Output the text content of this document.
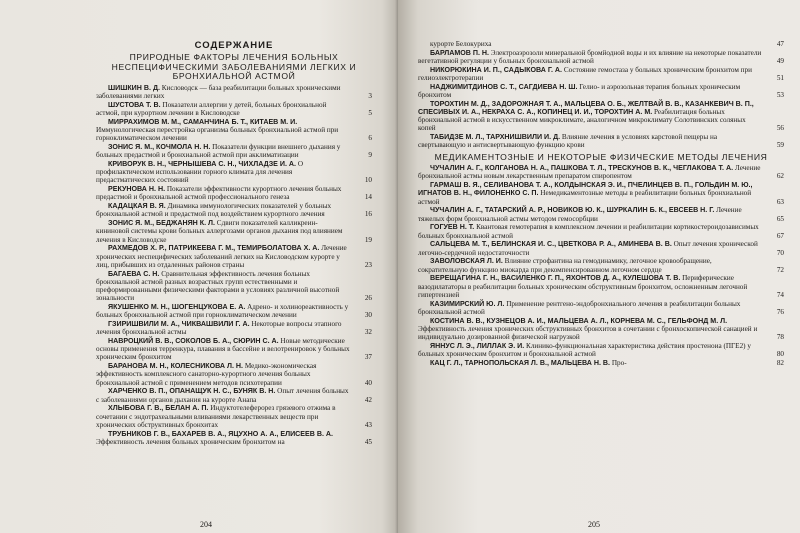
СОДЕРЖАНИЕ
ПРИРОДНЫЕ ФАКТОРЫ ЛЕЧЕНИЯ БОЛЬНЫХ НЕСПЕЦИФИЧЕСКИМИ ЗАБОЛЕВАНИЯМИ ЛЕГКИХ И БРОНХИАЛЬНОЙ АСТМОЙ
ШИШКИН В. Д. Кисловодск — база реабилитации больных хроническими заболеваниями легких	3
ШУСТОВА Т. В. Показатели аллергии у детей, больных бронхиальной астмой, при курортном лечении в Кисловодске	5
МИРРАХИМОВ М. М., САМАНЧИНА Б. Т., КИТАЕВ М. И. Иммунологическая перестройка организма больных бронхиальной астмой при горноклиматическом лечении	6
ЗОНИС Я. М., КОЧМОЛА Н. Н. Показатели функции внешнего дыхания у больных предастмой и бронхиальной астмой при акклиматизации	9
КРИВОРУК В. Н., ЧЕРНЫШЕВА С. Н., ЧИХЛАДЗЕ И. А. О профилактическом использовании горного климата для лечения предастматических состояний	10
РЕКУНОВА Н. Н. Показатели эффективности курортного лечения больных предастмой и бронхиальной астмой профессионального генеза	14
КАДАЦКАЯ В. Я. Динамика иммунологических показателей у больных бронхиальной астмой и предастмой под воздействием курортного лечения	16
ЗОНИС Я. М., БЕДЖАНЯН К. Л. Сдвиги показателей калликреин-кининовой системы крови больных аллергозами органов дыхания под влиянием лечения в Кисловодске	19
РАХМЕДОВ Х. Р., ПАТРИКЕЕВА Г. М., ТЕМИРБОЛАТОВА Х. А. Лечение хронических неспецифических заболеваний легких на Кисловодском курорте у лиц, прибывших из отдаленных районов страны	23
БАГАЕВА С. Н. Сравнительная эффективность лечения больных бронхиальной астмой разных возрастных групп естественными и преформированными физическими факторами в условиях различной высотной зональности	26
ЯКУШЕНКО М. Н., ШОГЕНЦУКОВА Е. А. Адрено- и холинореактивность у больных бронхиальной астмой при горноклиматическом лечении	30
ГЗИРИШВИЛИ М. А., ЧИКВАШВИЛИ Г. А. Некоторые вопросы этапного лечения бронхиальной астмы	32
НАВРОЦКИЙ В. В., СОКОЛОВ Б. А., СЮРИН С. А. Новые методические основы применения терренкура, плавания в бассейне и велотренировок у больных хроническим бронхитом	37
БАРАНОВА М. Н., КОЛЕСНИКОВА Л. Н. Медико-экономическая эффективность комплексного санаторно-курортного лечения больных бронхиальной астмой с применением методов психотерапии	40
ХАРЧЕНКО В. П., ОПАНАЩУК Н. С., БУНЯК В. Н. Опыт лечения больных с заболеваниями органов дыхания на курорте Анапа	42
ХЛЫБОВА Г. В., БЕЛАН А. П. Индуктотелеферорез грязевого отжима в сочетании с эндотрахеальными вливаниями лекарственных веществ при хронических обструктивных бронхитах	43
ТРУБНИКОВ Г. В., БАХАРЕВ В. А., ЯЦУХНО А. А., ЕЛИСЕЕВ В. А. Эффективность лечения больных хроническим бронхитом на	45
204
курорте Белокуриха	47
БАРЛАМОВ П. Н. Электроаэрозоли минеральной бромйодной воды и их влияние на некоторые показатели вегетативной регуляции у больных бронхиальной астмой	49
НИКОРЮКИНА И. П., САДЫКОВА Г. А. Состояние гемостаза у больных хроническим бронхитом при гелиоэлектротерапии	51
НАДЖИМИТДИНОВ С. Т., САГДИЕВА Н. Ш. Гелио- и аэрозольная терапия больных хроническим бронхитом	53
ТОРОХТИН М. Д., ЗАДОРОЖНАЯ Т. А., МАЛЬЦЕВА О. Б., ЖЕЛТВАЙ В. В., КАЗАНКЕВИЧ В. П., СПЕСИВЫХ И. А., НЕКРАХА С. А., КОПИНЕЦ И. И., ТОРОХТИН А. М. Реабилитация больных бронхиальной астмой в искусственном микроклимате, аналогичном микроклимату Солотвинских соляных копей	56
ТАБИДЗЕ М. Л., ТАРХНИШВИЛИ И. Д. Влияние лечения в условиях карстовой пещеры на свертывающую и антисвертывающую функцию крови	59
МЕДИКАМЕНТОЗНЫЕ И НЕКОТОРЫЕ ФИЗИЧЕСКИЕ МЕТОДЫ ЛЕЧЕНИЯ
ЧУЧАЛИН А. Г., КОЛГАНОВА Н. А., ПАШКОВА Т. Л., ТРЕСКУНОВ В. К., ЧЕГЛАКОВА Т. А. Лечение бронхиальной астмы новым лекарственным препаратом спиропентом	62
ГАРМАШ В. Я., СЕЛИВАНОВА Т. А., КОЛДЫНСКАЯ Э. И., ПЧЕЛИНЦЕВ В. П., ГОЛЬДИН М. Ю., ИГНАТОВ В. Н., ФИЛОНЕНКО С. П. Немедикаментозные методы в реабилитации больных бронхиальной астмой	63
ЧУЧАЛИН А. Г., ТАТАРСКИЙ А. Р., НОВИКОВ Ю. К., ШУРКАЛИН Б. К., ЕВСЕЕВ Н. Г. Лечение тяжелых форм бронхиальной астмы методом гемосорбции	65
ГОГУЕВ Н. Т. Квантовая гемотерапия в комплексном лечении и реабилитации кортикостероидозависимых больных бронхиальной астмой	67
САЛЬЦЕВА М. Т., БЕЛИНСКАЯ И. С., ЦВЕТКОВА Р. А., АМИНЕВА В. В. Опыт лечения хронической легочно-сердечной недостаточности	70
ЗАВОЛОВСКАЯ Л. И. Влияние строфантина на гемодинамику, легочное кровообращение, сократительную функцию миокарда при декомпенсированном легочном сердце	72
ВЕРЕЩАГИНА Г. Н., ВАСИЛЕНКО Г. П., ЯХОНТОВ Д. А., КУЛЕШОВА Т. В. Периферические вазодилататоры в реабилитации больных хроническим обструктивным бронхитом, осложненным легочной гипертензией	74
КАЗИМИРСКИЙ Ю. Л. Применение рентгено-эндобронхиального лечения в реабилитации больных бронхиальной астмой	76
КОСТИНА В. В., КУЗНЕЦОВ А. И., МАЛЬЦЕВА А. Л., КОРНЕВА М. С., ГЕЛЬФОНД М. Л. Эффективность лечения хронических обструктивных бронхитов в сочетании с бронхоскопической санацией и индивидуально дозированной физической нагрузкой	78
ЯННУС Л. Э., ЛИЛЛАК Э. И. Клинико-функциональная характеристика действия простеноиа (ПГЕ2) у больных хроническим бронхитом и бронхиальной астмой	80
КАЦ Г. Л., ТАРНОПОЛЬСКАЯ Л. В., МАЛЬЦЕВА Н. В. Про-	82
205
